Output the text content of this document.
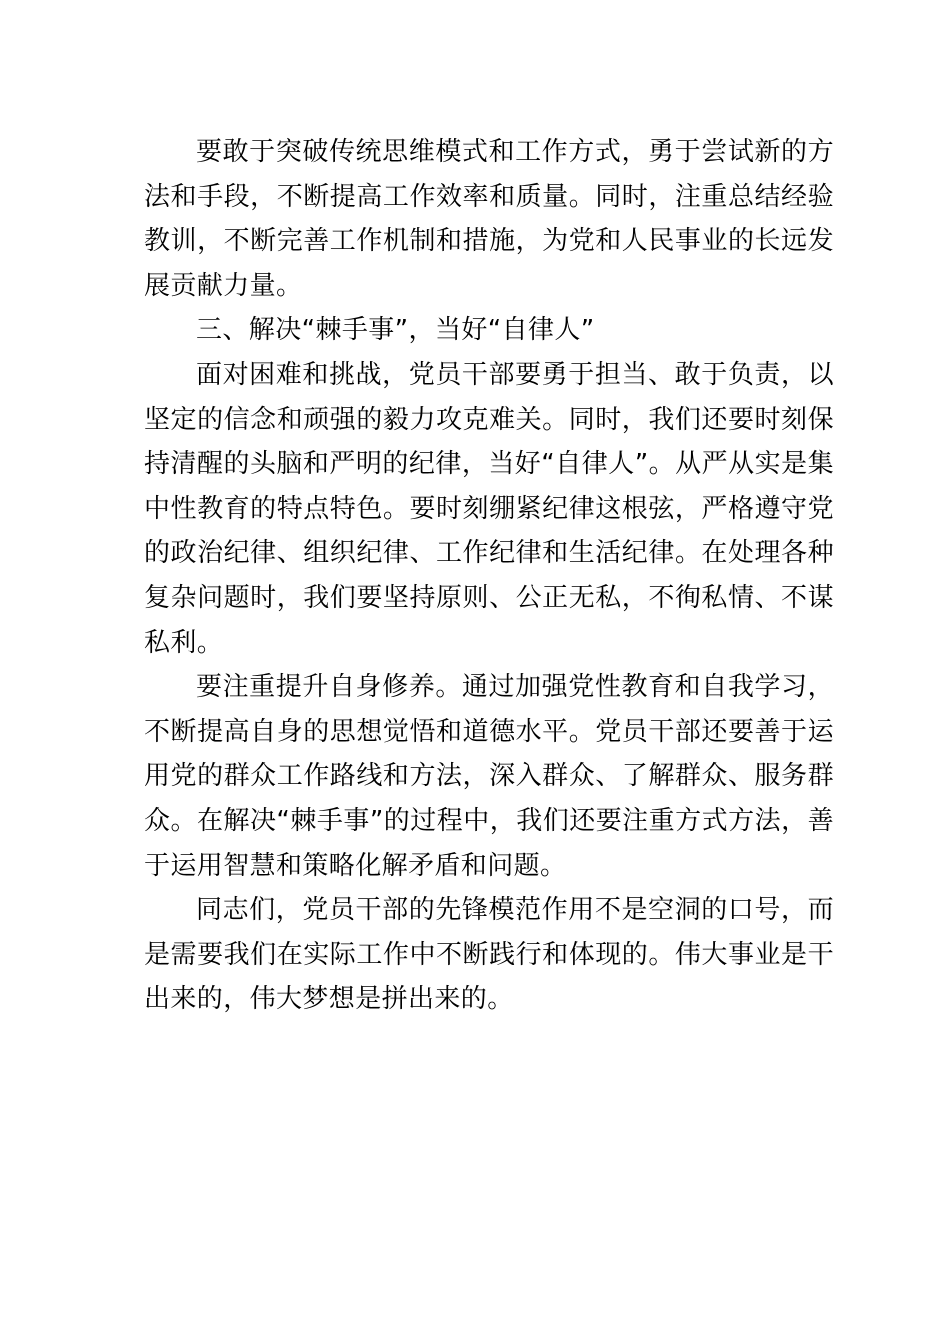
要敢于突破传统思维模式和工作方式，勇于尝试新的方法和手段，不断提高工作效率和质量。同时，注重总结经验教训，不断完善工作机制和措施，为党和人民事业的长远发展贡献力量。

三、解决“棘手事”，当好“自律人”

面对困难和挑战，党员干部要勇于担当、敢于负责，以坚定的信念和顽强的毅力攻克难关。同时，我们还要时刻保持清醒的头脑和严明的纪律，当好“自律人”。从严从实是集中性教育的特点特色。要时刻绷紧纪律这根弦，严格遵守党的政治纪律、组织纪律、工作纪律和生活纪律。在处理各种复杂问题时，我们要坚持原则、公正无私，不徇私情、不谋私利。

要注重提升自身修养。通过加强党性教育和自我学习，不断提高自身的思想觉悟和道德水平。党员干部还要善于运用党的群众工作路线和方法，深入群众、了解群众、服务群众。在解决“棘手事”的过程中，我们还要注重方式方法，善于运用智慧和策略化解矛盾和问题。

同志们，党员干部的先锋模范作用不是空洞的口号，而是需要我们在实际工作中不断践行和体现的。伟大事业是干出来的，伟大梦想是拼出来的。
